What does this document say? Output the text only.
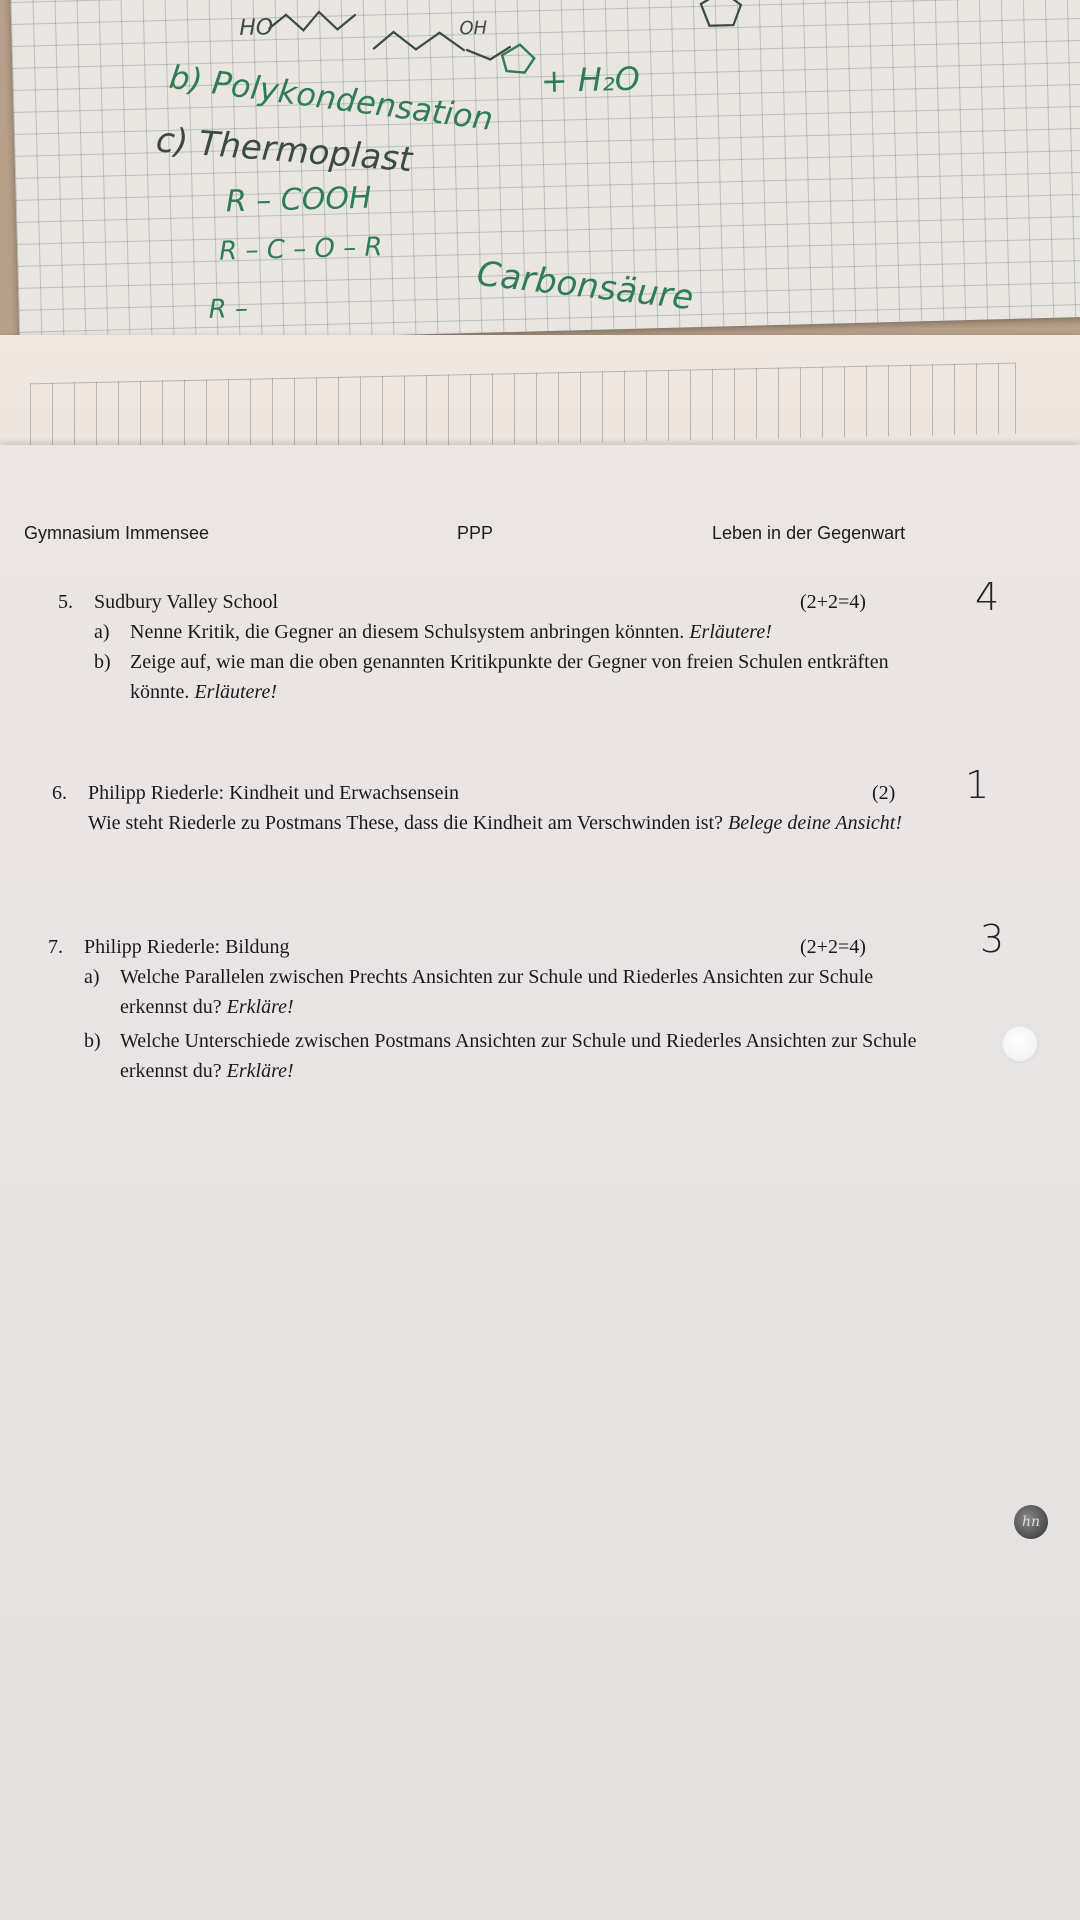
HO	OH
+ H₂O
b) Polykondensation
c) Thermoplast
R – COOH
R – C – O – R
R –	Carbonsäure
Gymnasium Immensee	PPP	Leben in der Gegenwart
5. Sudbury Valley School	(2+2=4)
a) Nenne Kritik, die Gegner an diesem Schulsystem anbringen könnten. Erläutere!
b) Zeige auf, wie man die oben genannten Kritikpunkte der Gegner von freien Schulen entkräften könnte. Erläutere!
4
6. Philipp Riederle: Kindheit und Erwachsensein	(2)
Wie steht Riederle zu Postmans These, dass die Kindheit am Verschwinden ist? Belege deine Ansicht!
1
7. Philipp Riederle: Bildung	(2+2=4)
a) Welche Parallelen zwischen Prechts Ansichten zur Schule und Riederles Ansichten zur Schule erkennst du? Erkläre!
b) Welche Unterschiede zwischen Postmans Ansichten zur Schule und Riederles Ansichten zur Schule erkennst du? Erkläre!
3
hn
